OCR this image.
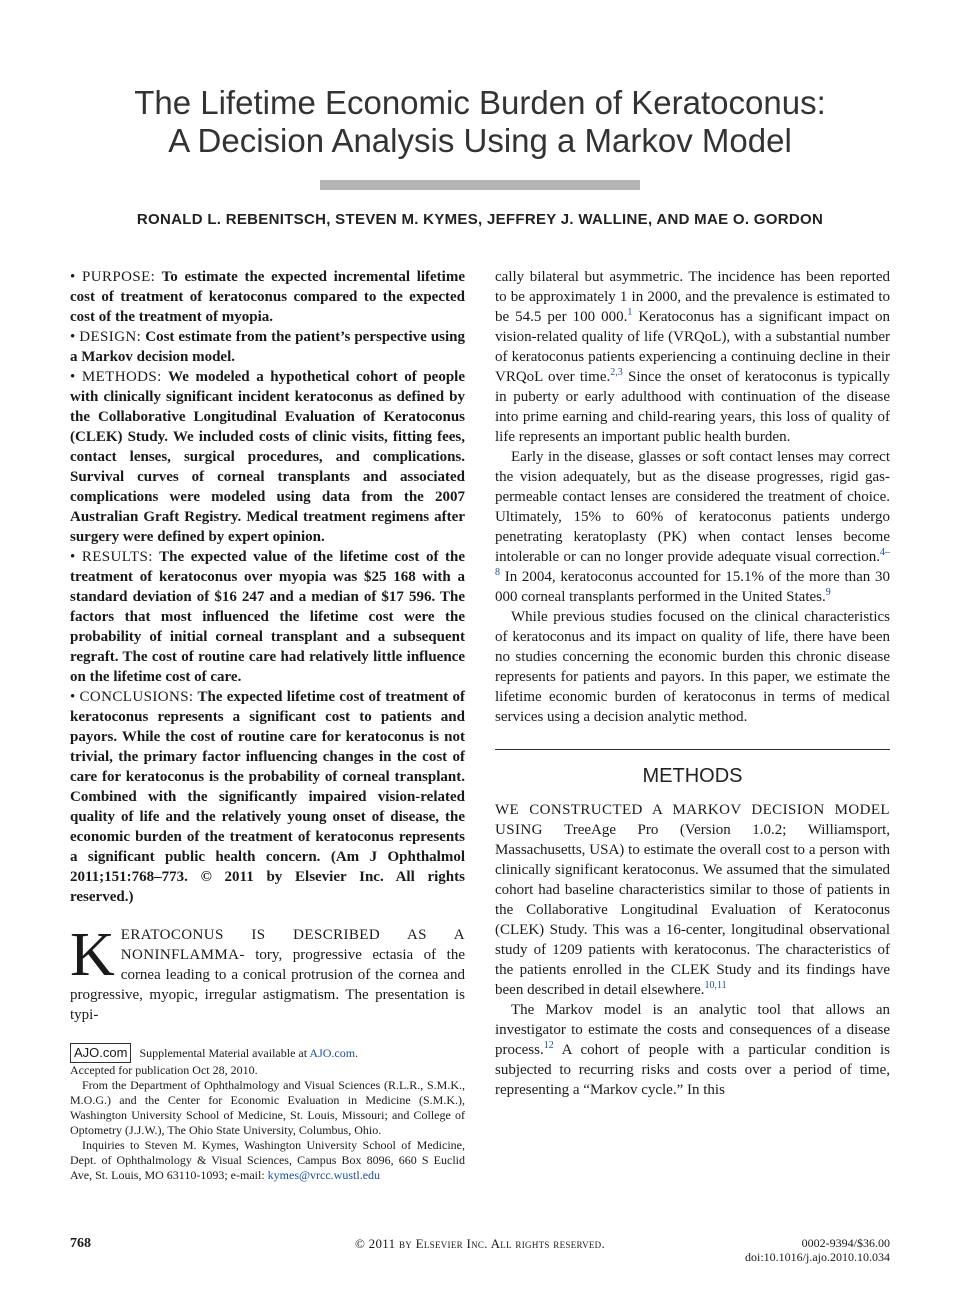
The Lifetime Economic Burden of Keratoconus:
A Decision Analysis Using a Markov Model
RONALD L. REBENITSCH, STEVEN M. KYMES, JEFFREY J. WALLINE, AND MAE O. GORDON

• PURPOSE: To estimate the expected incremental lifetime cost of treatment of keratoconus compared to the expected cost of the treatment of myopia.

• DESIGN: Cost estimate from the patient’s perspective using a Markov decision model.

• METHODS: We modeled a hypothetical cohort of people with clinically significant incident keratoconus as defined by the Collaborative Longitudinal Evaluation of Keratoconus (CLEK) Study. We included costs of clinic visits, fitting fees, contact lenses, surgical procedures, and complications. Survival curves of corneal transplants and associated complications were modeled using data from the 2007 Australian Graft Registry. Medical treatment regimens after surgery were defined by expert opinion.

• RESULTS: The expected value of the lifetime cost of the treatment of keratoconus over myopia was $25 168 with a standard deviation of $16 247 and a median of $17 596. The factors that most influenced the lifetime cost were the probability of initial corneal transplant and a subsequent regraft. The cost of routine care had relatively little influence on the lifetime cost of care.

• CONCLUSIONS: The expected lifetime cost of treatment of keratoconus represents a significant cost to patients and payors. While the cost of routine care for keratoconus is not trivial, the primary factor influencing changes in the cost of care for keratoconus is the probability of corneal transplant. Combined with the significantly impaired vision-related quality of life and the relatively young onset of disease, the economic burden of the treatment of keratoconus represents a significant public health concern. (Am J Ophthalmol 2011;151:768–773. © 2011 by Elsevier Inc. All rights reserved.)

KERATOCONUS IS DESCRIBED AS A NONINFLAMMA- tory, progressive ectasia of the cornea leading to a conical protrusion of the cornea and progressive, myopic, irregular astigmatism. The presentation is typi-

AJO.com Supplemental Material available at AJO.com.

Accepted for publication Oct 28, 2010.

From the Department of Ophthalmology and Visual Sciences (R.L.R., S.M.K., M.O.G.) and the Center for Economic Evaluation in Medicine (S.M.K.), Washington University School of Medicine, St. Louis, Missouri; and College of Optometry (J.J.W.), The Ohio State University, Columbus, Ohio.

Inquiries to Steven M. Kymes, Washington University School of Medicine, Dept. of Ophthalmology & Visual Sciences, Campus Box 8096, 660 S Euclid Ave, St. Louis, MO 63110-1093; e-mail: kymes@vrcc.wustl.edu

cally bilateral but asymmetric. The incidence has been reported to be approximately 1 in 2000, and the prevalence is estimated to be 54.5 per 100 000.$^1$ Keratoconus has a significant impact on vision-related quality of life (VRQoL), with a substantial number of keratoconus patients experiencing a continuing decline in their VRQoL over time.$^{2,3}$ Since the onset of keratoconus is typically in puberty or early adulthood with continuation of the disease into prime earning and child-rearing years, this loss of quality of life represents an important public health burden.

Early in the disease, glasses or soft contact lenses may correct the vision adequately, but as the disease progresses, rigid gas-permeable contact lenses are considered the treatment of choice. Ultimately, 15% to 60% of keratoconus patients undergo penetrating keratoplasty (PK) when contact lenses become intolerable or can no longer provide adequate visual correction.$^{4-8}$ In 2004, keratoconus accounted for 15.1% of the more than 30 000 corneal transplants performed in the United States.$^9$

While previous studies focused on the clinical characteristics of keratoconus and its impact on quality of life, there have been no studies concerning the economic burden this chronic disease represents for patients and payors. In this paper, we estimate the lifetime economic burden of keratoconus in terms of medical services using a decision analytic method.

METHODS

WE CONSTRUCTED A MARKOV DECISION MODEL USING TreeAge Pro (Version 1.0.2; Williamsport, Massachusetts, USA) to estimate the overall cost to a person with clinically significant keratoconus. We assumed that the simulated cohort had baseline characteristics similar to those of patients in the Collaborative Longitudinal Evaluation of Keratoconus (CLEK) Study. This was a 16-center, longitudinal observational study of 1209 patients with keratoconus. The characteristics of the patients enrolled in the CLEK Study and its findings have been described in detail elsewhere.$^{10,11}$

The Markov model is an analytic tool that allows an investigator to estimate the costs and consequences of a disease process.$^{12}$ A cohort of people with a particular condition is subjected to recurring risks and costs over a period of time, representing a “Markov cycle.” In this

768	© 2011 by Elsevier Inc. All rights reserved.	0002-9394/$36.00
doi:10.1016/j.ajo.2010.10.034
